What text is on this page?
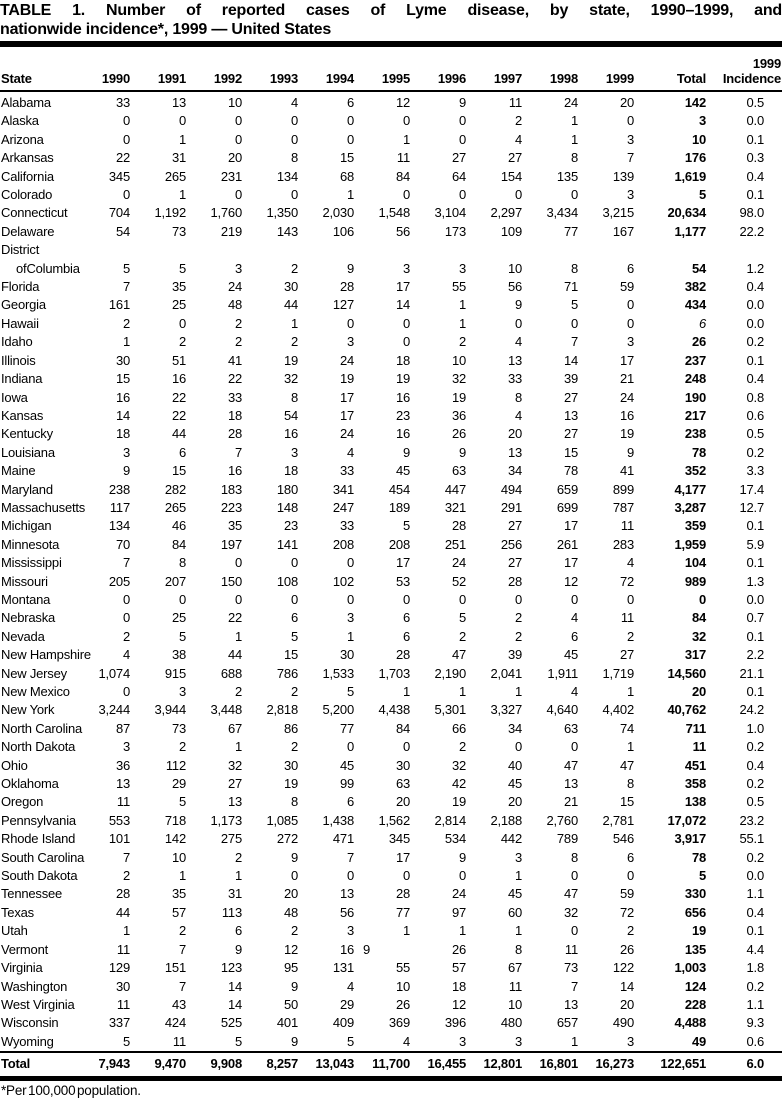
TABLE 1. Number of reported cases of Lyme disease, by state, 1990–1999, and
nationwide incidence*, 1999 — United States
State	1990	1991	1992	1993	1994	1995	1996	1997	1998	1999	Total	1999
Incidence
Alabama	33	13	10	4	6	12	9	11	24	20	142	0.5
Alaska	0	0	0	0	0	0	0	2	1	0	3	0.0
Arizona	0	1	0	0	0	1	0	4	1	3	10	0.1
Arkansas	22	31	20	8	15	11	27	27	8	7	176	0.3
California	345	265	231	134	68	84	64	154	135	139	1,619	0.4
Colorado	0	1	0	0	1	0	0	0	0	3	5	0.1
Connecticut	704	1,192	1,760	1,350	2,030	1,548	3,104	2,297	3,434	3,215	20,634	98.0
Delaware	54	73	219	143	106	56	173	109	77	167	1,177	22.2

District
ofColumbia	5	5	3	2	9	3	3	10	8	6	54	1.2
Florida	7	35	24	30	28	17	55	56	71	59	382	0.4
Georgia	161	25	48	44	127	14	1	9	5	0	434	0.0
Hawaii	2	0	2	1	0	0	1	0	0	0	6	0.0
Idaho	1	2	2	2	3	0	2	4	7	3	26	0.2
Illinois	30	51	41	19	24	18	10	13	14	17	237	0.1
Indiana	15	16	22	32	19	19	32	33	39	21	248	0.4
Iowa	16	22	33	8	17	16	19	8	27	24	190	0.8
Kansas	14	22	18	54	17	23	36	4	13	16	217	0.6
Kentucky	18	44	28	16	24	16	26	20	27	19	238	0.5
Louisiana	3	6	7	3	4	9	9	13	15	9	78	0.2
Maine	9	15	16	18	33	45	63	34	78	41	352	3.3
Maryland	238	282	183	180	341	454	447	494	659	899	4,177	17.4
Massachusetts	117	265	223	148	247	189	321	291	699	787	3,287	12.7
Michigan	134	46	35	23	33	5	28	27	17	11	359	0.1
Minnesota	70	84	197	141	208	208	251	256	261	283	1,959	5.9
Mississippi	7	8	0	0	0	17	24	27	17	4	104	0.1
Missouri	205	207	150	108	102	53	52	28	12	72	989	1.3
Montana	0	0	0	0	0	0	0	0	0	0	0	0.0
Nebraska	0	25	22	6	3	6	5	2	4	11	84	0.7
Nevada	2	5	1	5	1	6	2	2	6	2	32	0.1
New Hampshire	4	38	44	15	30	28	47	39	45	27	317	2.2
New Jersey	1,074	915	688	786	1,533	1,703	2,190	2,041	1,911	1,719	14,560	21.1
New Mexico	0	3	2	2	5	1	1	1	4	1	20	0.1
New York	3,244	3,944	3,448	2,818	5,200	4,438	5,301	3,327	4,640	4,402	40,762	24.2
North Carolina	87	73	67	86	77	84	66	34	63	74	711	1.0
North Dakota	3	2	1	2	0	0	2	0	0	1	11	0.2
Ohio	36	112	32	30	45	30	32	40	47	47	451	0.4
Oklahoma	13	29	27	19	99	63	42	45	13	8	358	0.2
Oregon	11	5	13	8	6	20	19	20	21	15	138	0.5
Pennsylvania	553	718	1,173	1,085	1,438	1,562	2,814	2,188	2,760	2,781	17,072	23.2
Rhode Island	101	142	275	272	471	345	534	442	789	546	3,917	55.1
South Carolina	7	10	2	9	7	17	9	3	8	6	78	0.2
South Dakota	2	1	1	0	0	0	0	1	0	0	5	0.0
Tennessee	28	35	31	20	13	28	24	45	47	59	330	1.1
Texas	44	57	113	48	56	77	97	60	32	72	656	0.4
Utah	1	2	6	2	3	1	1	1	0	2	19	0.1
Vermont	11	7	9	12	16	9	26	8	11	26	135	4.4
Virginia	129	151	123	95	131	55	57	67	73	122	1,003	1.8
Washington	30	7	14	9	4	10	18	11	7	14	124	0.2
West Virginia	11	43	14	50	29	26	12	10	13	20	228	1.1
Wisconsin	337	424	525	401	409	369	396	480	657	490	4,488	9.3
Wyoming	5	11	5	9	5	4	3	3	1	3	49	0.6
Total	7,943	9,470	9,908	8,257	13,043	11,700	16,455	12,801	16,801	16,273	122,651	6.0
*Per 100,000 population.
